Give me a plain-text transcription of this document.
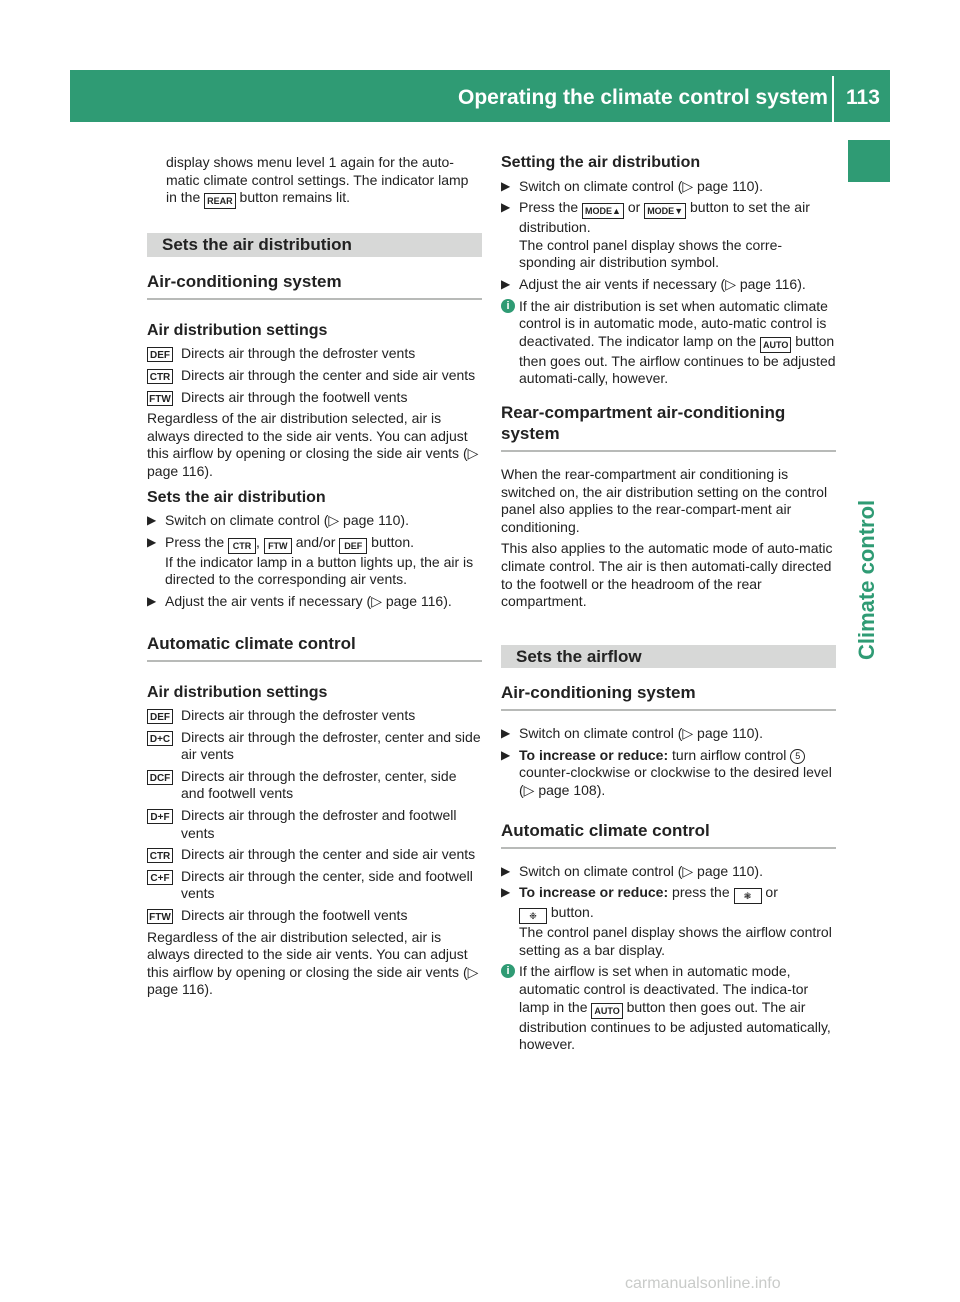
Operating the climate control system 113
Climate control

display shows menu level 1 again for the auto-matic climate control settings. The indicator lamp in the REAR button remains lit.

Sets the air distribution
Air-conditioning system
Air distribution settings
DEF Directs air through the defroster vents
CTR Directs air through the center and side air vents
FTW Directs air through the footwell vents

Regardless of the air distribution selected, air is always directed to the side air vents. You can adjust this airflow by opening or closing the side air vents (▷ page 116).

Sets the air distribution
▶ Switch on climate control (▷ page 110).
▶ Press the CTR , FTW and/or DEF button.
If the indicator lamp in a button lights up, the air is directed to the corresponding air vents.
▶ Adjust the air vents if necessary (▷ page 116).
Automatic climate control
Air distribution settings
DEF Directs air through the defroster vents
D+C Directs air through the defroster, center and side air vents
DCF Directs air through the defroster, center, side and footwell vents
D+F Directs air through the defroster and footwell vents
CTR Directs air through the center and side air vents
C+F Directs air through the center, side and footwell vents
FTW Directs air through the footwell vents

Regardless of the air distribution selected, air is always directed to the side air vents. You can adjust this airflow by opening or closing the side air vents (▷ page 116).

Setting the air distribution
▶ Switch on climate control (▷ page 110).
▶ Press the MODE▲ or MODE▼ button to set the air distribution.
The control panel display shows the corre-sponding air distribution symbol.
▶ Adjust the air vents if necessary (▷ page 116).
i If the air distribution is set when automatic climate control is in automatic mode, auto-matic control is deactivated. The indicator lamp on the AUTO button then goes out. The airflow continues to be adjusted automati-cally, however.
Rear-compartment air-conditioning system

When the rear-compartment air conditioning is switched on, the air distribution setting on the control panel also applies to the rear-compart-ment air conditioning.

This also applies to the automatic mode of auto-matic climate control. The air is then automati-cally directed to the footwell or the headroom of the rear compartment.

Sets the airflow
Air-conditioning system
▶ Switch on climate control (▷ page 110).
▶ To increase or reduce: turn airflow control 5 counter-clockwise or clockwise to the desired level (▷ page 108).
Automatic climate control
▶ Switch on climate control (▷ page 110).
▶ To increase or reduce: press the ❃ or
❉ button.
The control panel display shows the airflow control setting as a bar display.
i If the airflow is set when in automatic mode, automatic control is deactivated. The indica-tor lamp in the AUTO button then goes out. The air distribution continues to be adjusted automatically, however.
carmanualsonline.info
